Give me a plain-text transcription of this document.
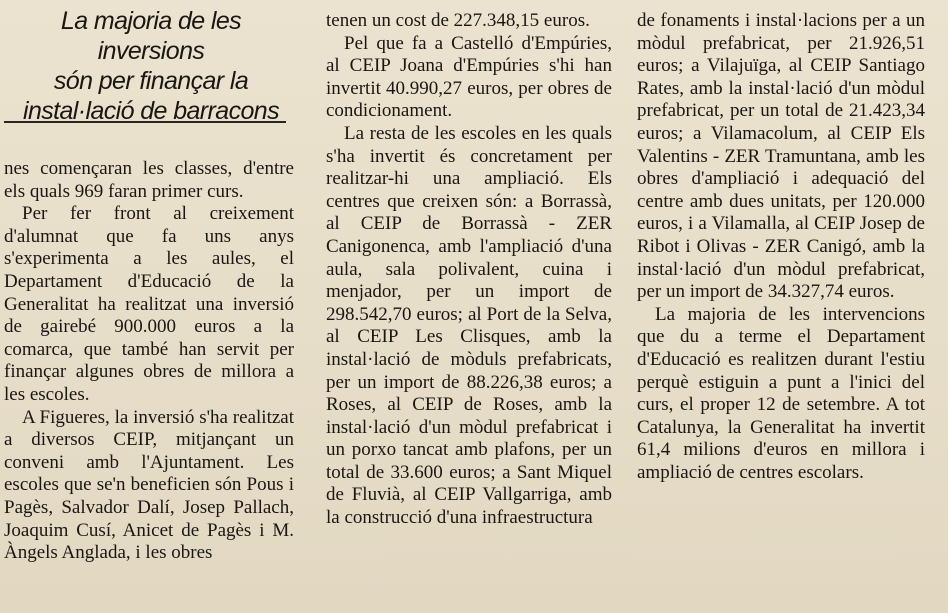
La majoria de les inversions
són per finançar la
instal·lació de barracons

nes començaran les classes, d'entre els quals 969 faran primer curs.

Per fer front al creixement d'alumnat que fa uns anys s'experimenta a les aules, el Departament d'Educació de la Generalitat ha realitzat una inversió de gairebé 900.000 euros a la comarca, que també han servit per finançar algunes obres de millora a les escoles.

A Figueres, la inversió s'ha realitzat a diversos CEIP, mitjançant un conveni amb l'Ajuntament. Les escoles que se'n beneficien són Pous i Pagès, Salvador Dalí, Josep Pallach, Joaquim Cusí, Anicet de Pagès i M. Àngels Anglada, i les obres

tenen un cost de 227.348,15 euros.

Pel que fa a Castelló d'Empúries, al CEIP Joana d'Empúries s'hi han invertit 40.990,27 euros, per obres de condicionament.

La resta de les escoles en les quals s'ha invertit és concretament per realitzar-hi una ampliació. Els centres que creixen són: a Borrassà, al CEIP de Borrassà - ZER Canigonenca, amb l'ampliació d'una aula, sala polivalent, cuina i menjador, per un import de 298.542,70 euros; al Port de la Selva, al CEIP Les Clisques, amb la instal·lació de mòduls prefabricats, per un import de 88.226,38 euros; a Roses, al CEIP de Roses, amb la instal·lació d'un mòdul prefabricat i un porxo tancat amb plafons, per un total de 33.600 euros; a Sant Miquel de Fluvià, al CEIP Vallgarriga, amb la construcció d'una infraestructura

de fonaments i instal·lacions per a un mòdul prefabricat, per 21.926,51 euros; a Vilajuïga, al CEIP Santiago Rates, amb la instal·lació d'un mòdul prefabricat, per un total de 21.423,34 euros; a Vilamacolum, al CEIP Els Valentins - ZER Tramuntana, amb les obres d'ampliació i adequació del centre amb dues unitats, per 120.000 euros, i a Vilamalla, al CEIP Josep de Ribot i Olivas - ZER Canigó, amb la instal·lació d'un mòdul prefabricat, per un import de 34.327,74 euros.

La majoria de les intervencions que du a terme el Departament d'Educació es realitzen durant l'estiu perquè estiguin a punt a l'inici del curs, el proper 12 de setembre. A tot Catalunya, la Generalitat ha invertit 61,4 milions d'euros en millora i ampliació de centres escolars.
